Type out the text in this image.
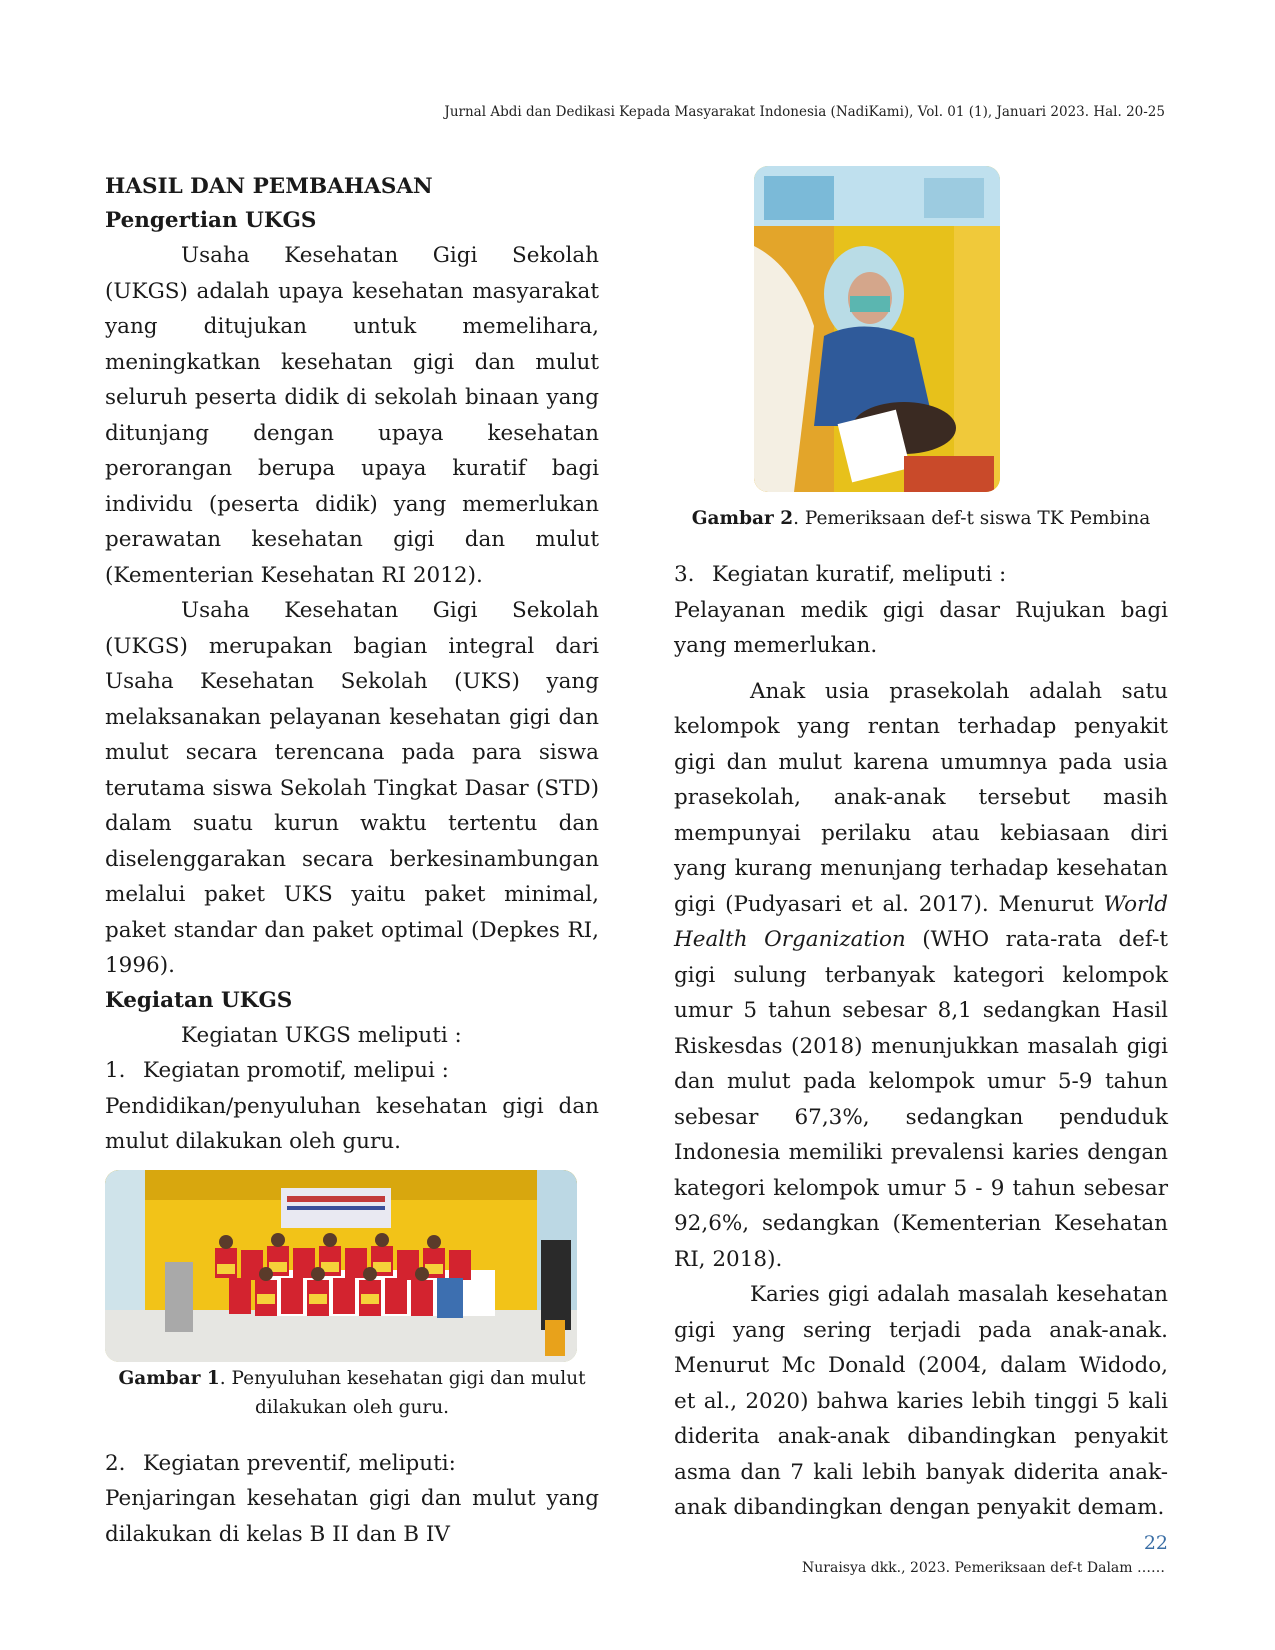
Jurnal Abdi dan Dedikasi Kepada Masyarakat Indonesia (NadiKami), Vol. 01 (1), Januari 2023. Hal. 20-25
HASIL DAN PEMBAHASAN
Pengertian UKGS

Usaha Kesehatan Gigi Sekolah (UKGS) adalah upaya kesehatan masyarakat yang ditujukan untuk memelihara, meningkatkan kesehatan gigi dan mulut seluruh peserta didik di sekolah binaan yang ditunjang dengan upaya kesehatan perorangan berupa upaya kuratif bagi individu (peserta didik) yang memerlukan perawatan kesehatan gigi dan mulut (Kementerian Kesehatan RI 2012).

Usaha Kesehatan Gigi Sekolah (UKGS) merupakan bagian integral dari Usaha Kesehatan Sekolah (UKS) yang melaksanakan pelayanan kesehatan gigi dan mulut secara terencana pada para siswa terutama siswa Sekolah Tingkat Dasar (STD) dalam suatu kurun waktu tertentu dan diselenggarakan secara berkesinambungan melalui paket UKS yaitu paket minimal, paket standar dan paket optimal (Depkes RI, 1996).

Kegiatan UKGS

Kegiatan UKGS meliputi :

1. Kegiatan promotif, melipui :

Pendidikan/penyuluhan kesehatan gigi dan mulut dilakukan oleh guru.

Gambar 1. Penyuluhan kesehatan gigi dan mulut dilakukan oleh guru.

2. Kegiatan preventif, meliputi:

Penjaringan kesehatan gigi dan mulut yang dilakukan di kelas B II dan B IV

Gambar 2. Pemeriksaan def-t siswa TK Pembina

3. Kegiatan kuratif, meliputi :

Pelayanan medik gigi dasar Rujukan bagi yang memerlukan.

Anak usia prasekolah adalah satu kelompok yang rentan terhadap penyakit gigi dan mulut karena umumnya pada usia prasekolah, anak-anak tersebut masih mempunyai perilaku atau kebiasaan diri yang kurang menunjang terhadap kesehatan gigi (Pudyasari et al. 2017). Menurut World Health Organization (WHO rata-rata def-t gigi sulung terbanyak kategori kelompok umur 5 tahun sebesar 8,1 sedangkan Hasil Riskesdas (2018) menunjukkan masalah gigi dan mulut pada kelompok umur 5-9 tahun sebesar 67,3%, sedangkan penduduk Indonesia memiliki prevalensi karies dengan kategori kelompok umur 5 - 9 tahun sebesar 92,6%, sedangkan (Kementerian Kesehatan RI, 2018).

Karies gigi adalah masalah kesehatan gigi yang sering terjadi pada anak-anak. Menurut Mc Donald (2004, dalam Widodo, et al., 2020) bahwa karies lebih tinggi 5 kali diderita anak-anak dibandingkan penyakit asma dan 7 kali lebih banyak diderita anak-anak dibandingkan dengan penyakit demam.

22
Nuraisya dkk., 2023. Pemeriksaan def-t Dalam ……
